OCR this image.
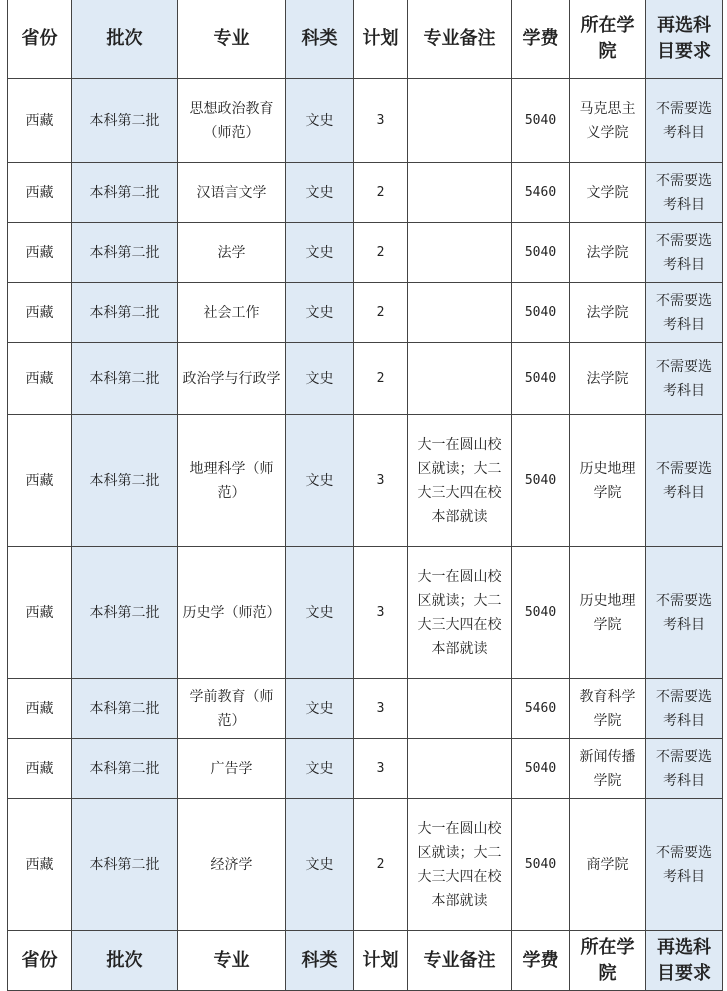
省份	批次	专业	科类	计划	专业备注	学费	所在学院	再选科目要求
西藏	本科第二批	思想政治教育（师范）	文史	3		5040	马克思主义学院	不需要选考科目
西藏	本科第二批	汉语言文学	文史	2		5460	文学院	不需要选考科目
西藏	本科第二批	法学	文史	2		5040	法学院	不需要选考科目
西藏	本科第二批	社会工作	文史	2		5040	法学院	不需要选考科目
西藏	本科第二批	政治学与行政学	文史	2		5040	法学院	不需要选考科目
西藏	本科第二批	地理科学（师范）	文史	3	大一在圆山校区就读；大二大三大四在校本部就读	5040	历史地理学院	不需要选考科目
西藏	本科第二批	历史学（师范）	文史	3	大一在圆山校区就读；大二大三大四在校本部就读	5040	历史地理学院	不需要选考科目
西藏	本科第二批	学前教育（师范）	文史	3		5460	教育科学学院	不需要选考科目
西藏	本科第二批	广告学	文史	3		5040	新闻传播学院	不需要选考科目
西藏	本科第二批	经济学	文史	2	大一在圆山校区就读；大二大三大四在校本部就读	5040	商学院	不需要选考科目
省份	批次	专业	科类	计划	专业备注	学费	所在学院	再选科目要求
